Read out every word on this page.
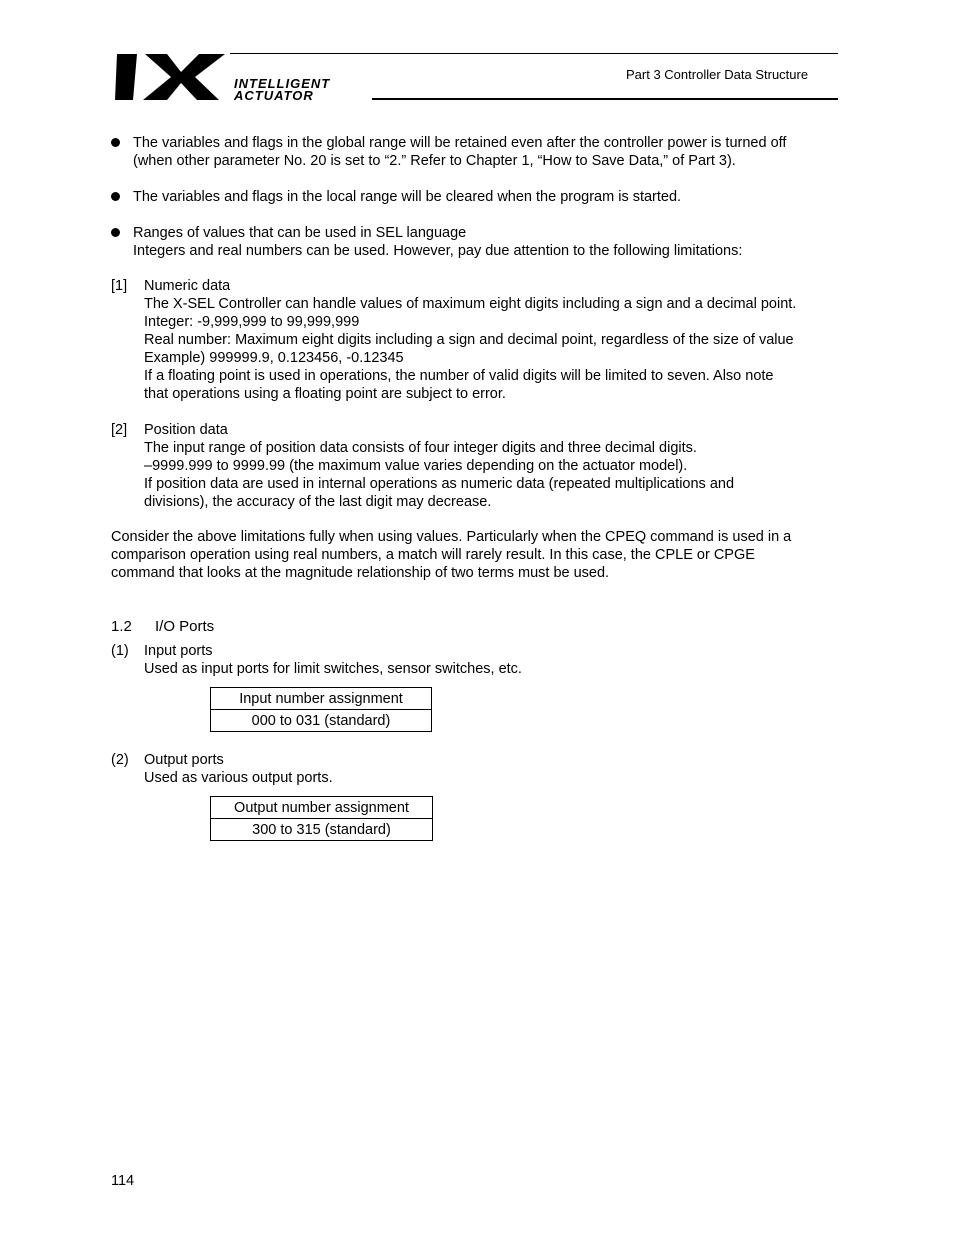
INTELLIGENT
ACTUATOR
Part 3 Controller Data Structure
The variables and flags in the global range will be retained even after the controller power is turned off
(when other parameter No. 20 is set to “2.” Refer to Chapter 1, “How to Save Data,” of Part 3).
The variables and flags in the local range will be cleared when the program is started.
Ranges of values that can be used in SEL language
Integers and real numbers can be used. However, pay due attention to the following limitations:
[1] Numeric data
The X-SEL Controller can handle values of maximum eight digits including a sign and a decimal point.
Integer: -9,999,999 to 99,999,999
Real number: Maximum eight digits including a sign and decimal point, regardless of the size of value
Example) 999999.9, 0.123456, -0.12345
If a floating point is used in operations, the number of valid digits will be limited to seven. Also note
that operations using a floating point are subject to error.
[2] Position data
The input range of position data consists of four integer digits and three decimal digits.
–9999.999 to 9999.99 (the maximum value varies depending on the actuator model).
If position data are used in internal operations as numeric data (repeated multiplications and
divisions), the accuracy of the last digit may decrease.
Consider the above limitations fully when using values. Particularly when the CPEQ command is used in a
comparison operation using real numbers, a match will rarely result. In this case, the CPLE or CPGE
command that looks at the magnitude relationship of two terms must be used.
1.2 I/O Ports
(1) Input ports
Used as input ports for limit switches, sensor switches, etc.
Input number assignment
000 to 031 (standard)
(2) Output ports
Used as various output ports.
Output number assignment
300 to 315 (standard)
114
